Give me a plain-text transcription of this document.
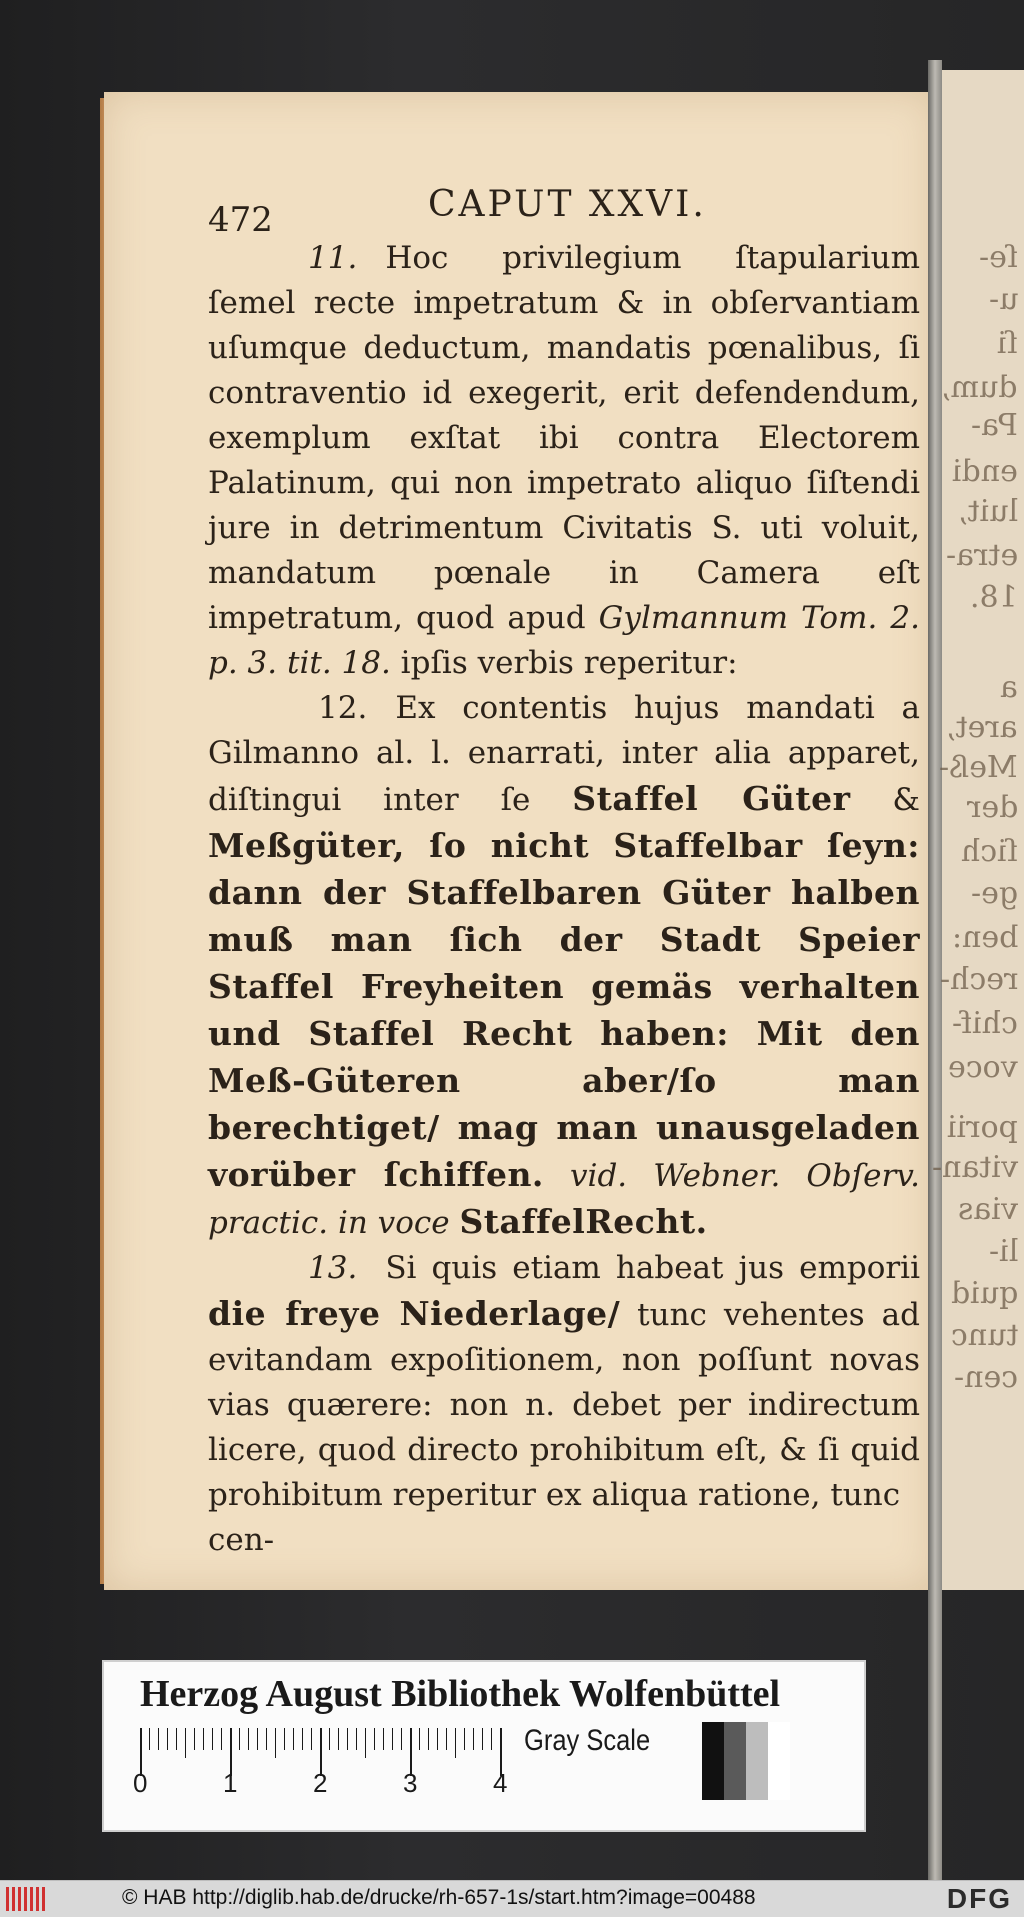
ſe-
u-
ſi
dum,
Pa-
endi
luit,
etra-
18.
a
aret,
Meß-
der
ſich
ge-
ben:
rech-
chif-
voce
porii
vitan-
vias
li-
quid
tunc
cen-
472	CAPUT XXVI.

11. Hoc privilegium ſtapularium ſemel recte impetratum & in obſervantiam uſumque deductum, mandatis pœnalibus, ſi contraventio id exegerit, erit defendendum, exemplum exſtat ibi contra Electorem Palatinum, qui non impetrato aliquo ſiſtendi jure in detrimentum Civitatis S. uti voluit, mandatum pœnale in Camera eſt impetratum, quod apud Gylmannum Tom. 2. p. 3. tit. 18. ipſis verbis reperitur:

12. Ex contentis hujus mandati a Gilmanno al. l. enarrati, inter alia apparet, diſtingui inter ſe Staffel Güter & Meßgüter, ſo nicht Staffelbar ſeyn: dann der Staffelbaren Güter halben muß man ſich der Stadt Speier Staffel Freyheiten gemäs verhalten und Staffel Recht haben: Mit den Meß-Güteren aber/ſo man berechtiget/ mag man unausgeladen vorüber ſchiffen. vid. Webner. Obſerv. practic. in voce StaffelRecht.

13. Si quis etiam habeat jus emporii die freye Niederlage/ tunc vehentes ad evitandam expoſitionem, non poſſunt novas vias quærere: non n. debet per indirectum licere, quod directo prohibitum eſt, & ſi quid prohibitum reperitur ex aliqua ratione, tunc

cen-

Herzog August Bibliothek Wolfenbüttel
0	1	2	3	4
Gray Scale
© HAB http://diglib.hab.de/drucke/rh-657-1s/start.htm?image=00488	DFG
